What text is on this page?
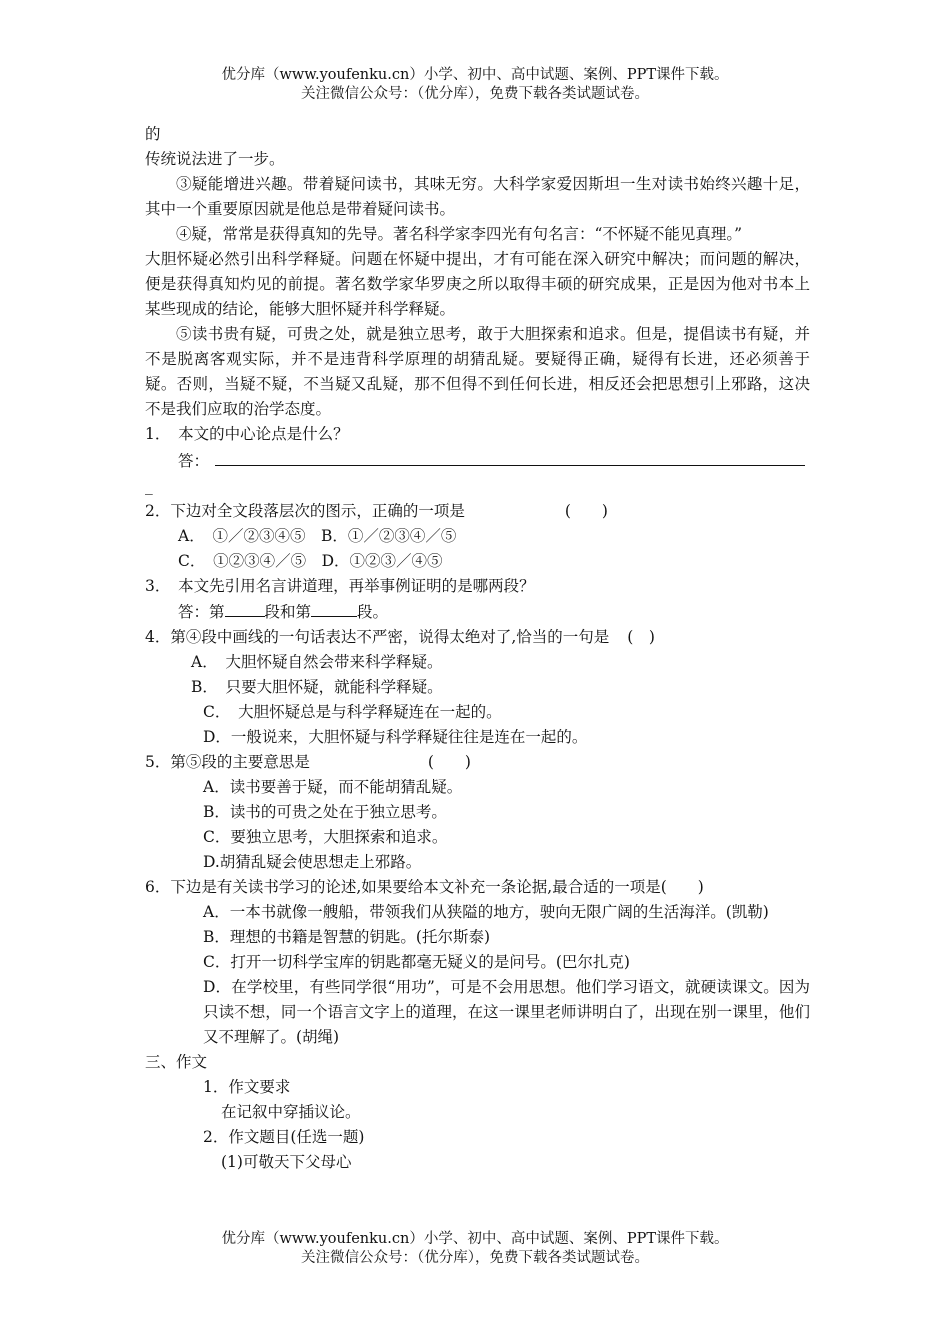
优分库（www.youfenku.cn）小学、初中、高中试题、案例、PPT课件下载。
关注微信公众号：（优分库），免费下载各类试题试卷。
的
传统说法进了一步。
③疑能增进兴趣。带着疑问读书，其味无穷。大科学家爱因斯坦一生对读书始终兴趣十足，其中一个重要原因就是他总是带着疑问读书。
④疑，常常是获得真知的先导。著名科学家李四光有句名言：“不怀疑不能见真理。”
大胆怀疑必然引出科学释疑。问题在怀疑中提出，才有可能在深入研究中解决；而问题的解决，便是获得真知灼见的前提。著名数学家华罗庚之所以取得丰硕的研究成果，正是因为他对书本上某些现成的结论，能够大胆怀疑并科学释疑。
⑤读书贵有疑，可贵之处，就是独立思考，敢于大胆探索和追求。但是，提倡读书有疑，并不是脱离客观实际，并不是违背科学原理的胡猜乱疑。要疑得正确，疑得有长进，还必须善于疑。否则，当疑不疑，不当疑又乱疑，那不但得不到任何长进，相反还会把思想引上邪路，这决不是我们应取的治学态度。
1．　本文的中心论点是什么？
答：
_
2．下边对全文段落层次的图示，正确的一项是	(　　)
A．　①／②③④⑤　B．①／②③④／⑤
C．　①②③④／⑤　D．①②③／④⑤
3．　本文先引用名言讲道理，再举事例证明的是哪两段？
答：第	段和第	段。
4．第④段中画线的一句话表达不严密，说得太绝对了,恰当的一句是 (　)
A．　大胆怀疑自然会带来科学释疑。
B．　只要大胆怀疑，就能科学释疑。
C．　大胆怀疑总是与科学释疑连在一起的。
D．一般说来，大胆怀疑与科学释疑往往是连在一起的。
5．第⑤段的主要意思是	(　　)
A．读书要善于疑，而不能胡猜乱疑。
B．读书的可贵之处在于独立思考。
C．要独立思考，大胆探索和追求。
D.胡猜乱疑会使思想走上邪路。
6．下边是有关读书学习的论述,如果要给本文补充一条论据,最合适的一项是(　　)
A．一本书就像一艘船，带领我们从狭隘的地方，驶向无限广阔的生活海洋。(凯勒)
B．理想的书籍是智慧的钥匙。(托尔斯泰)
C．打开一切科学宝库的钥匙都毫无疑义的是问号。(巴尔扎克)
D．在学校里，有些同学很“用功”，可是不会用思想。他们学习语文，就硬读课文。因为只读不想，同一个语言文字上的道理，在这一课里老师讲明白了，出现在别一课里，他们又不理解了。(胡绳)
三、作文
1．作文要求
在记叙中穿插议论。
2．作文题目(任选一题)
(1)可敬天下父母心
优分库（www.youfenku.cn）小学、初中、高中试题、案例、PPT课件下载。
关注微信公众号：（优分库），免费下载各类试题试卷。
